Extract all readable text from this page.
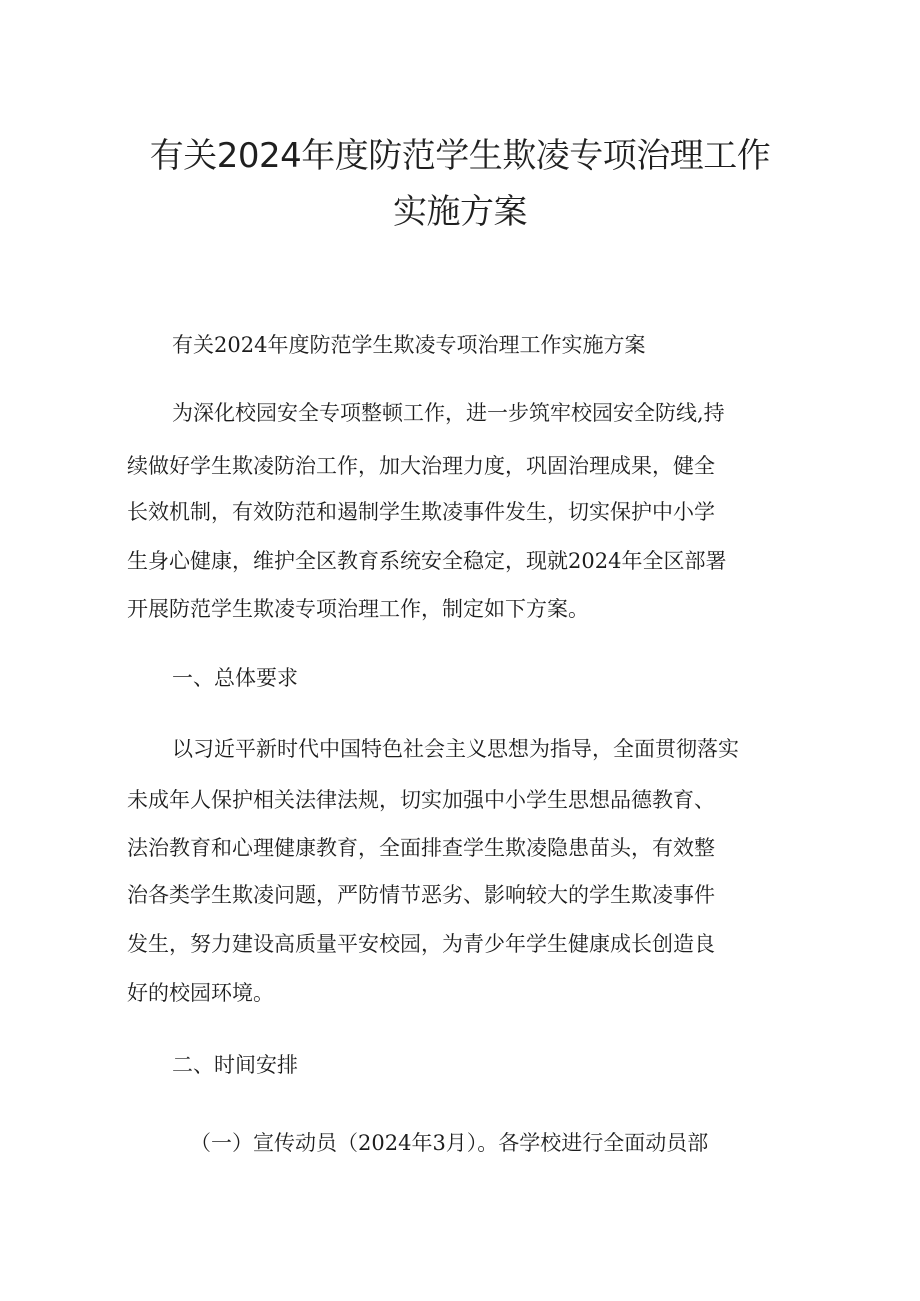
有关2024年度防范学生欺凌专项治理工作
实施方案
有关2024年度防范学生欺凌专项治理工作实施方案
为深化校园安全专项整顿工作，进一步筑牢校园安全防线,持
续做好学生欺凌防治工作，加大治理力度，巩固治理成果，健全
长效机制，有效防范和遏制学生欺凌事件发生，切实保护中小学
生身心健康，维护全区教育系统安全稳定，现就2024年全区部署
开展防范学生欺凌专项治理工作，制定如下方案。
一、总体要求
以习近平新时代中国特色社会主义思想为指导，全面贯彻落实
未成年人保护相关法律法规，切实加强中小学生思想品德教育、
法治教育和心理健康教育，全面排查学生欺凌隐患苗头，有效整
治各类学生欺凌问题，严防情节恶劣、影响较大的学生欺凌事件
发生，努力建设高质量平安校园，为青少年学生健康成长创造良
好的校园环境。
二、时间安排
（一）宣传动员（2024年3月）。各学校进行全面动员部
